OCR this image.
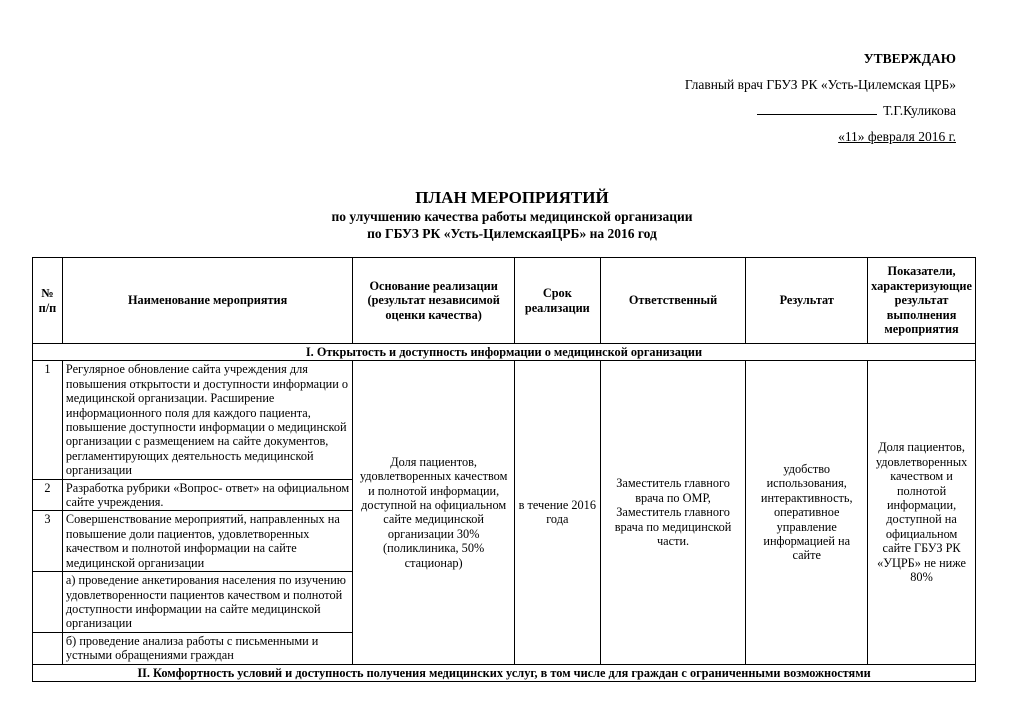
УТВЕРЖДАЮ
Главный врач ГБУЗ РК «Усть-Цилемская ЦРБ»
Т.Г.Куликова
«11» февраля 2016 г.
ПЛАН МЕРОПРИЯТИЙ
по улучшению качества работы медицинской организации
по ГБУЗ РК «Усть-ЦилемскаяЦРБ» на 2016 год
№ п/п	Наименование мероприятия	Основание реализации (результат независимой оценки качества)	Срок реализации	Ответственный	Результат	Показатели, характеризующие результат выполнения мероприятия
I. Открытость и доступность информации о медицинской организации						
1	Регулярное обновление сайта учреждения для повышения открытости и доступности информации о медицинской организации. Расширение информационного поля для каждого пациента, повышение доступности информации о медицинской организации с размещением на сайте документов, регламентирующих деятельность медицинской организации	Доля пациентов, удовлетворенных качеством и полнотой информации, доступной на официальном сайте медицинской организации 30% (поликлиника, 50% стационар)	в течение 2016 года	Заместитель главного врача по ОМР, Заместитель главного врача по медицинской части.	удобство использования, интерактивность, оперативное управление информацией на сайте	Доля пациентов, удовлетворенных качеством и полнотой информации, доступной на официальном сайте ГБУЗ РК «УЦРБ» не ниже 80%
2	Разработка рубрики «Вопрос- ответ» на официальном сайте учреждения.					
3	Совершенствование мероприятий, направленных на повышение доли пациентов, удовлетворенных качеством и полнотой информации на сайте медицинской организации					
	а) проведение анкетирования населения по изучению удовлетворенности пациентов качеством и полнотой доступности информации на сайте медицинской организации					
	б) проведение анализа работы с письменными и устными обращениями граждан					
II. Комфортность условий и доступность получения медицинских услуг, в том числе для граждан с ограниченными возможностями						
